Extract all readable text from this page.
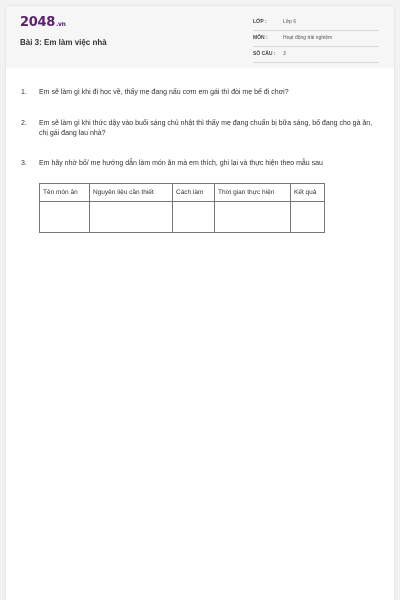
2048.vn
Bài 3: Em làm việc nhà
LỚP :	Lớp 6
MÔN :	Hoạt động trải nghiệm
SỐ CÂU : 3
1. Em sẽ làm gì khi đi học về, thấy mẹ đang nấu cơm em gái thì đòi mẹ bế đi chơi?
2. Em sẽ làm gì khi thức dậy vào buổi sáng chủ nhật thì thấy mẹ đang chuẩn bị bữa sáng, bố đang cho gà ăn, chị gái đang lau nhà?
3. Em hãy nhờ bố/ mẹ hướng dẫn làm món ăn mà em thích, ghi lại và thực hiện theo mẫu sau
Tên món ăn	Nguyên liệu cần thiết	Cách làm	Thời gian thực hiện	Kết quả
